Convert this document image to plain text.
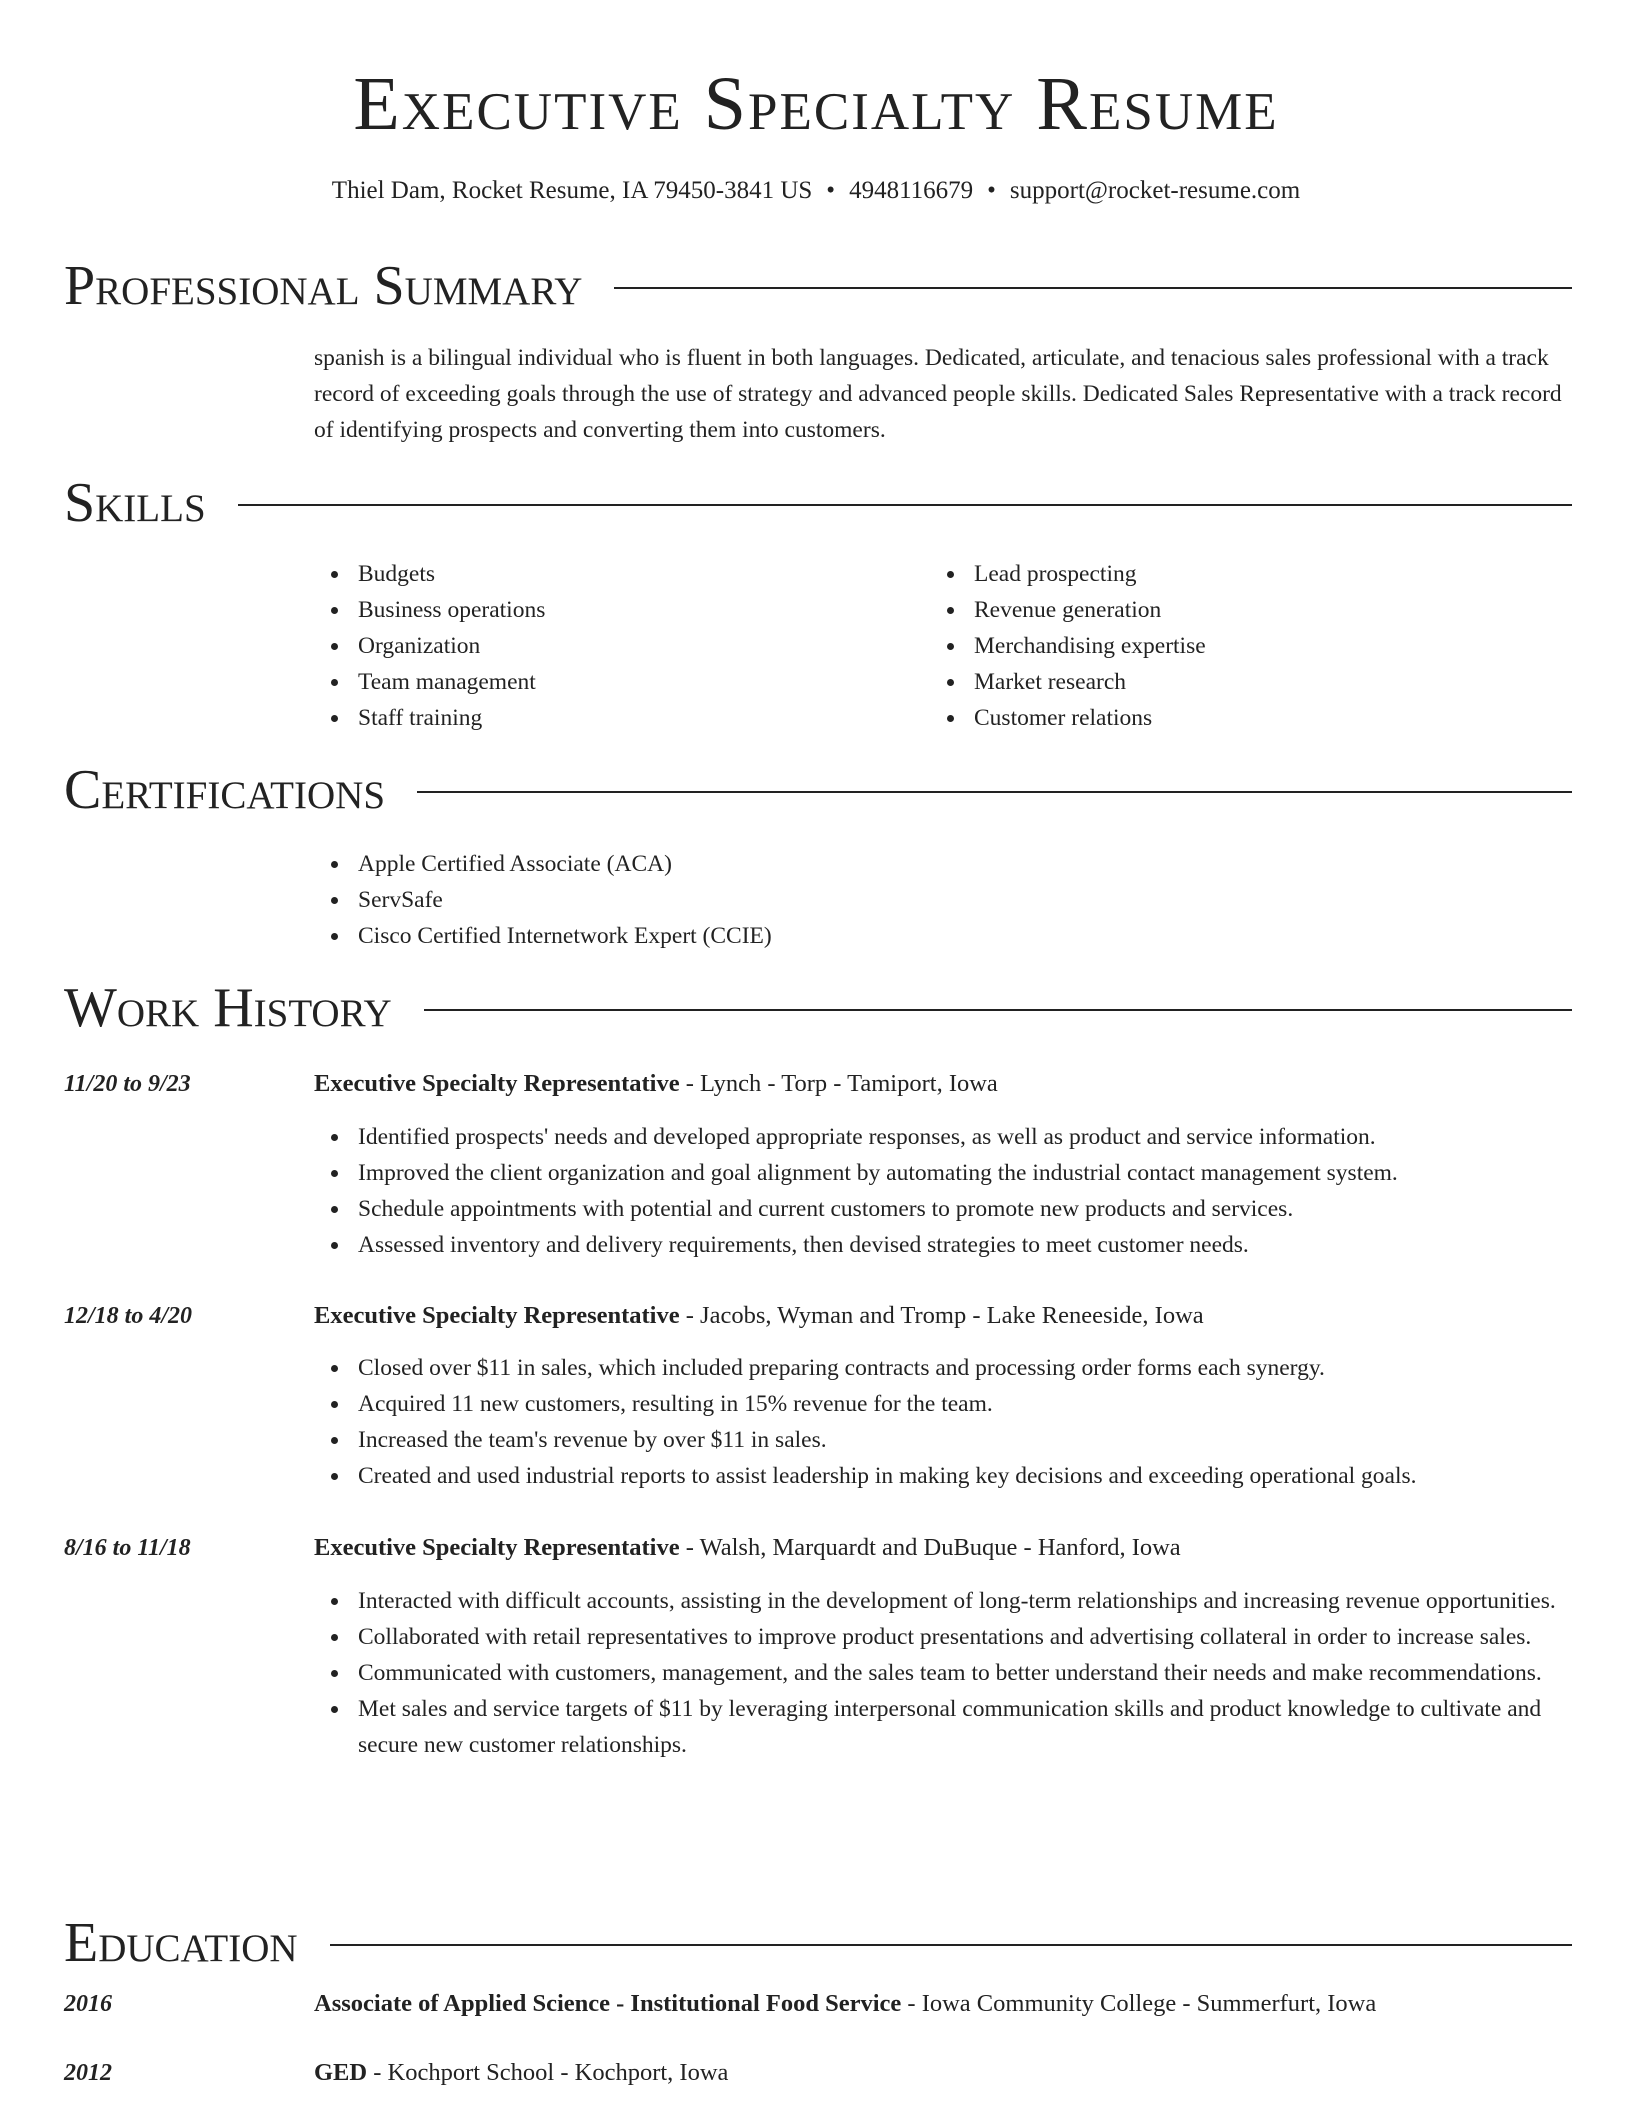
Executive Specialty Resume
Thiel Dam, Rocket Resume, IA 79450-3841 US • 4948116679 • support@rocket-resume.com
Professional Summary

spanish is a bilingual individual who is fluent in both languages. Dedicated, articulate, and tenacious sales professional with a track record of exceeding goals through the use of strategy and advanced people skills. Dedicated Sales Representative with a track record of identifying prospects and converting them into customers.

Skills
Budgets
Business operations
Organization
Team management
Staff training
Lead prospecting
Revenue generation
Merchandising expertise
Market research
Customer relations
Certifications
Apple Certified Associate (ACA)
ServSafe
Cisco Certified Internetwork Expert (CCIE)
Work History
11/20 to 9/23	Executive Specialty Representative - Lynch - Torp - Tamiport, Iowa
Identified prospects' needs and developed appropriate responses, as well as product and service information.
Improved the client organization and goal alignment by automating the industrial contact management system.
Schedule appointments with potential and current customers to promote new products and services.
Assessed inventory and delivery requirements, then devised strategies to meet customer needs.
12/18 to 4/20	Executive Specialty Representative - Jacobs, Wyman and Tromp - Lake Reneeside, Iowa
Closed over $11 in sales, which included preparing contracts and processing order forms each synergy.
Acquired 11 new customers, resulting in 15% revenue for the team.
Increased the team's revenue by over $11 in sales.
Created and used industrial reports to assist leadership in making key decisions and exceeding operational goals.
8/16 to 11/18	Executive Specialty Representative - Walsh, Marquardt and DuBuque - Hanford, Iowa
Interacted with difficult accounts, assisting in the development of long-term relationships and increasing revenue opportunities.
Collaborated with retail representatives to improve product presentations and advertising collateral in order to increase sales.
Communicated with customers, management, and the sales team to better understand their needs and make recommendations.
Met sales and service targets of $11 by leveraging interpersonal communication skills and product knowledge to cultivate and secure new customer relationships.
Education
2016	Associate of Applied Science - Institutional Food Service - Iowa Community College - Summerfurt, Iowa
2012	GED - Kochport School - Kochport, Iowa
